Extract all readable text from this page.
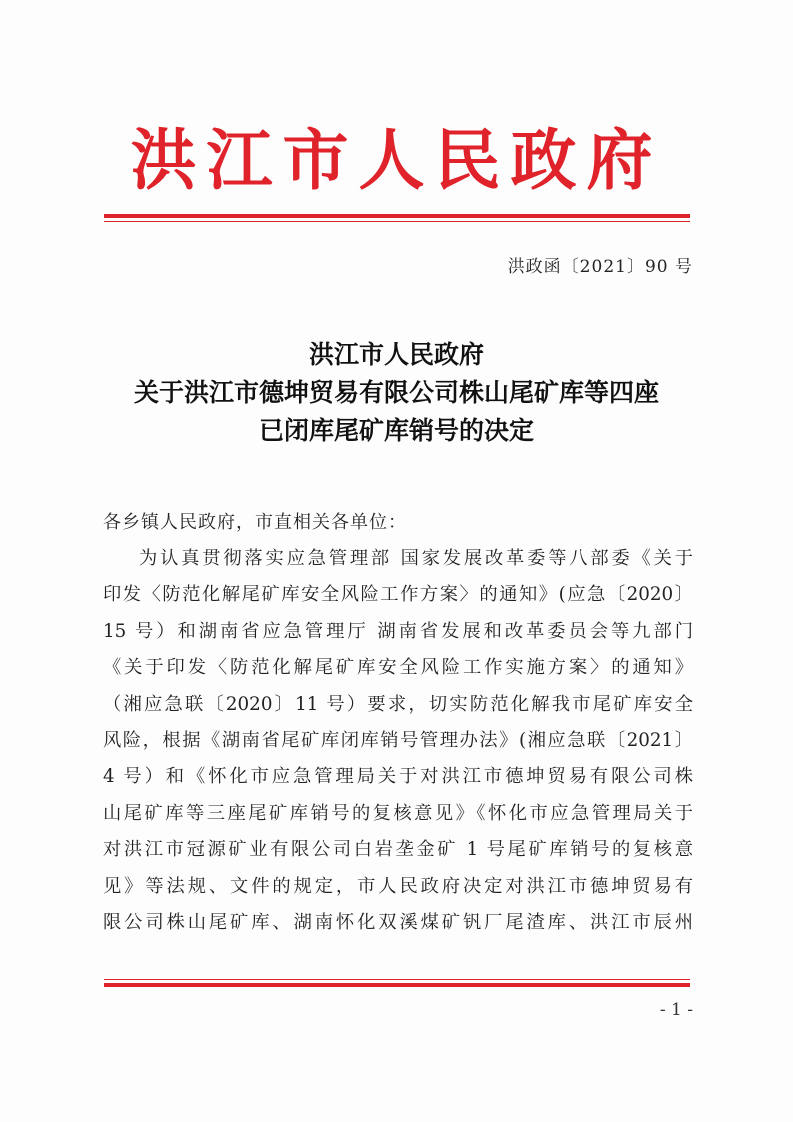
洪江市人民政府
洪政函〔2021〕90 号
洪江市人民政府
关于洪江市德坤贸易有限公司株山尾矿库等四座
已闭库尾矿库销号的决定
各乡镇人民政府，市直相关各单位：
为认真贯彻落实应急管理部 国家发展改革委等八部委《关于
印发〈防范化解尾矿库安全风险工作方案〉的通知》(应急〔2020〕
15 号）和湖南省应急管理厅 湖南省发展和改革委员会等九部门
《关于印发〈防范化解尾矿库安全风险工作实施方案〉的通知》
（湘应急联〔2020〕11 号）要求，切实防范化解我市尾矿库安全
风险，根据《湖南省尾矿库闭库销号管理办法》(湘应急联〔2021〕
4 号）和《怀化市应急管理局关于对洪江市德坤贸易有限公司株
山尾矿库等三座尾矿库销号的复核意见》《怀化市应急管理局关于
对洪江市冠源矿业有限公司白岩垄金矿 1 号尾矿库销号的复核意
见》等法规、文件的规定，市人民政府决定对洪江市德坤贸易有
限公司株山尾矿库、湖南怀化双溪煤矿钒厂尾渣库、洪江市辰州
- 1 -
